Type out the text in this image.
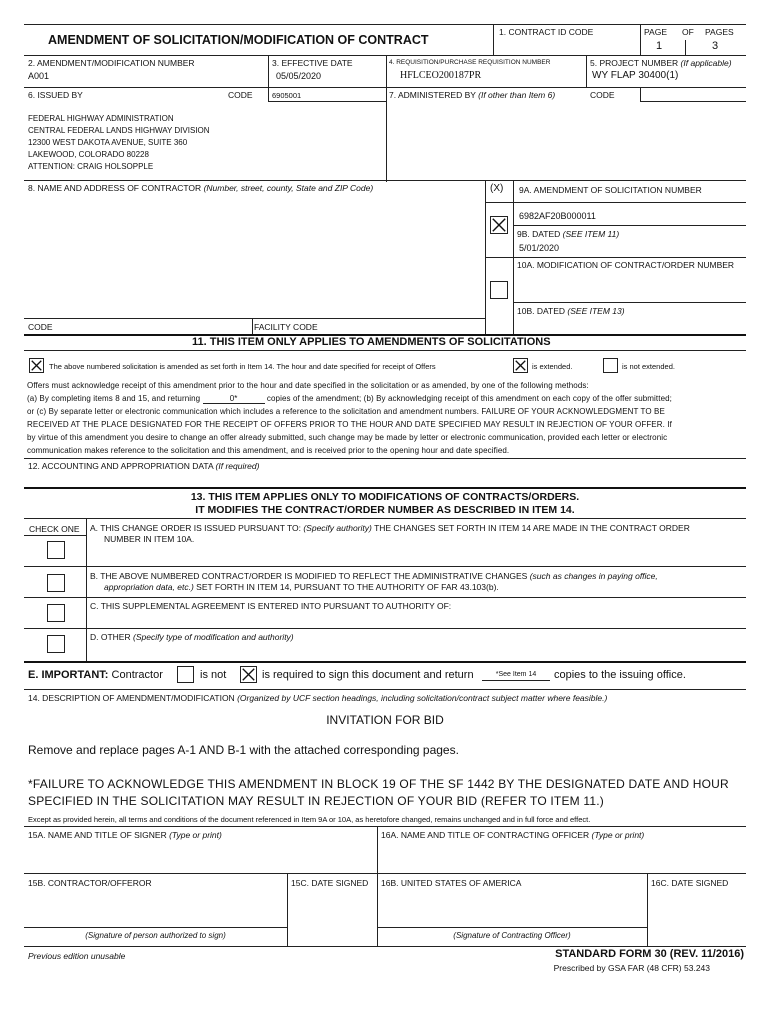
AMENDMENT OF SOLICITATION/MODIFICATION OF CONTRACT
1. CONTRACT ID CODE	PAGE OF PAGES
1	3
2. AMENDMENT/MODIFICATION NUMBER
A001
3. EFFECTIVE DATE
05/05/2020
4. REQUISITION/PURCHASE REQUISITION NUMBER
HFLCEO200187PR
5. PROJECT NUMBER (If applicable)
WY FLAP 30400(1)
6. ISSUED BY	CODE	6905001	7. ADMINISTERED BY (If other than Item 6)	CODE
FEDERAL HIGHWAY ADMINISTRATION
CENTRAL FEDERAL LANDS HIGHWAY DIVISION
12300 WEST DAKOTA AVENUE, SUITE 360
LAKEWOOD, COLORADO 80228
ATTENTION: CRAIG HOLSOPPLE
8. NAME AND ADDRESS OF CONTRACTOR (Number, street, county, State and ZIP Code)	(X) 9A. AMENDMENT OF SOLICITATION NUMBER
6982AF20B000011
9B. DATED (SEE ITEM 11)
5/01/2020
10A. MODIFICATION OF CONTRACT/ORDER NUMBER
10B. DATED (SEE ITEM 13)
CODE	FACILITY CODE
11. THIS ITEM ONLY APPLIES TO AMENDMENTS OF SOLICITATIONS
The above numbered solicitation is amended as set forth in Item 14. The hour and date specified for receipt of Offers	is extended.	is not extended.
Offers must acknowledge receipt of this amendment prior to the hour and date specified in the solicitation or as amended, by one of the following methods:
(a) By completing items 8 and 15, and returning	0*	copies of the amendment; (b) By acknowledging receipt of this amendment on each copy of the offer submitted;
or (c) By separate letter or electronic communication which includes a reference to the solicitation and amendment numbers. FAILURE OF YOUR ACKNOWLEDGMENT TO BE
RECEIVED AT THE PLACE DESIGNATED FOR THE RECEIPT OF OFFERS PRIOR TO THE HOUR AND DATE SPECIFIED MAY RESULT IN REJECTION OF YOUR OFFER. If
by virtue of this amendment you desire to change an offer already submitted, such change may be made by letter or electronic communication, provided each letter or electronic
communication makes reference to the solicitation and this amendment, and is received prior to the opening hour and date specified.
12. ACCOUNTING AND APPROPRIATION DATA (If required)
13. THIS ITEM APPLIES ONLY TO MODIFICATIONS OF CONTRACTS/ORDERS.
IT MODIFIES THE CONTRACT/ORDER NUMBER AS DESCRIBED IN ITEM 14.
CHECK ONE A. THIS CHANGE ORDER IS ISSUED PURSUANT TO: (Specify authority) THE CHANGES SET FORTH IN ITEM 14 ARE MADE IN THE CONTRACT ORDER
NUMBER IN ITEM 10A.
B. THE ABOVE NUMBERED CONTRACT/ORDER IS MODIFIED TO REFLECT THE ADMINISTRATIVE CHANGES (such as changes in paying office,
appropriation data, etc.) SET FORTH IN ITEM 14, PURSUANT TO THE AUTHORITY OF FAR 43.103(b).
C. THIS SUPPLEMENTAL AGREEMENT IS ENTERED INTO PURSUANT TO AUTHORITY OF:
D. OTHER (Specify type of modification and authority)
E. IMPORTANT: Contractor	is not	is required to sign this document and return	*See Item 14	copies to the issuing office.
14. DESCRIPTION OF AMENDMENT/MODIFICATION (Organized by UCF section headings, including solicitation/contract subject matter where feasible.)
INVITATION FOR BID
Remove and replace pages A-1 AND B-1 with the attached corresponding pages.
*FAILURE TO ACKNOWLEDGE THIS AMENDMENT IN BLOCK 19 OF THE SF 1442 BY THE DESIGNATED DATE AND HOUR
SPECIFIED IN THE SOLICITATION MAY RESULT IN REJECTION OF YOUR BID (REFER TO ITEM 11.)
Except as provided herein, all terms and conditions of the document referenced in Item 9A or 10A, as heretofore changed, remains unchanged and in full force and effect.
15A. NAME AND TITLE OF SIGNER (Type or print)	16A. NAME AND TITLE OF CONTRACTING OFFICER (Type or print)
15B. CONTRACTOR/OFFEROR	15C. DATE SIGNED 16B. UNITED STATES OF AMERICA	16C. DATE SIGNED
(Signature of person authorized to sign)	(Signature of Contracting Officer)
Previous edition unusable	STANDARD FORM 30 (REV. 11/2016)
Prescribed by GSA FAR (48 CFR) 53.243
